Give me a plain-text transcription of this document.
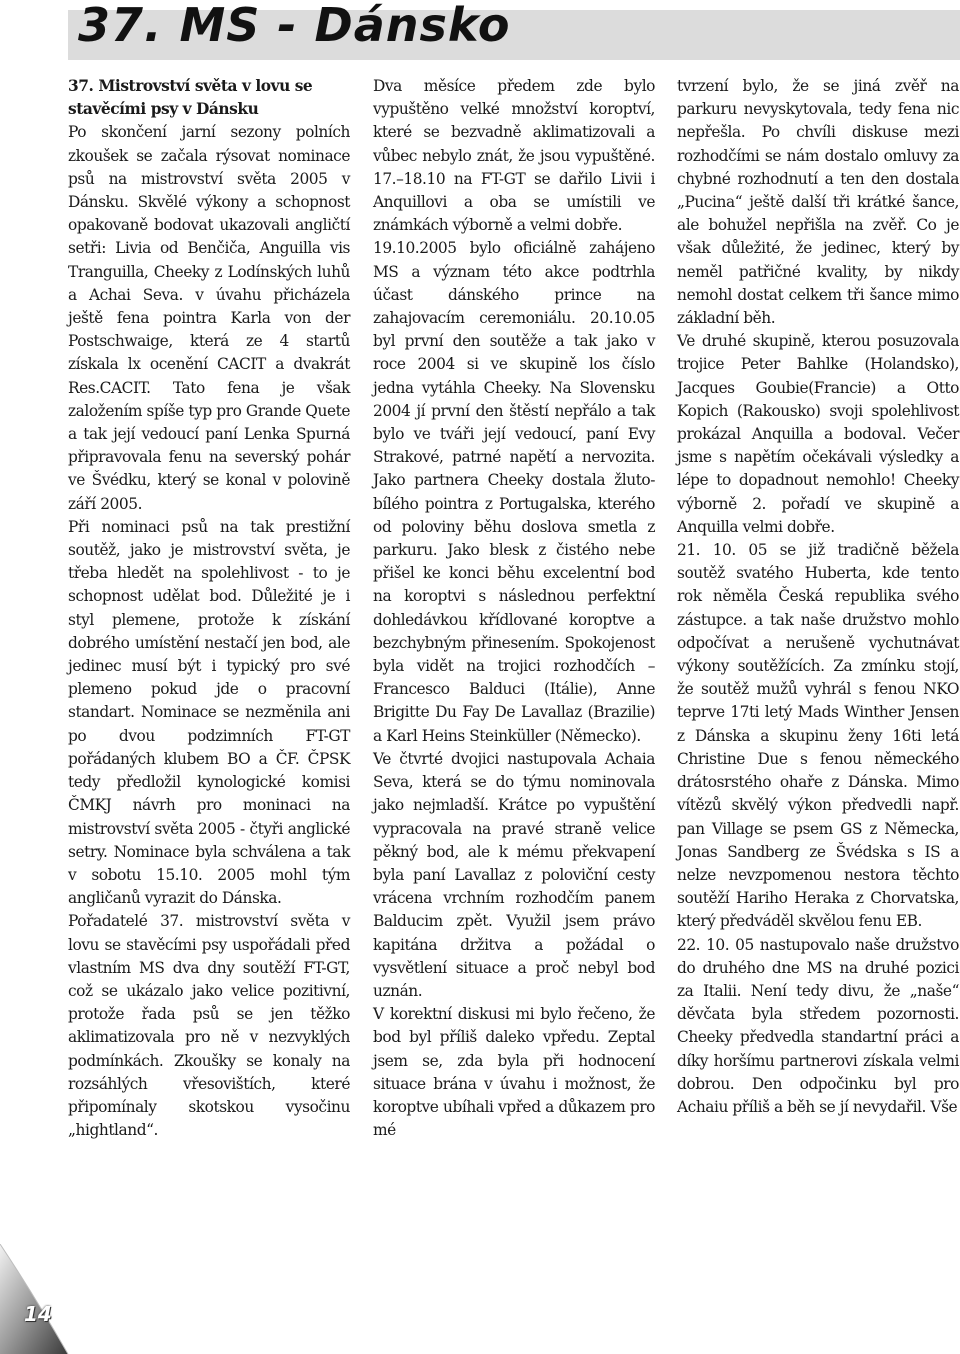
37. MS - Dánsko

37. Mistrovství světa v lovu se stavěcími psy v Dánsku

Po skončení jarní sezony polních zkoušek se začala rýsovat nominace psů na mistrovství světa 2005 v Dánsku. Skvělé výkony a schopnost opakovaně bodovat ukazovali angličtí setři: Livia od Benčiča, Anguilla vis Tranguilla, Cheeky z Lodínských luhů a Achai Seva. v úvahu přicházela ještě fena pointra Karla von der Postschwaige, která ze 4 startů získala lx ocenění CACIT a dvakrát Res.CACIT. Tato fena je však založením spíše typ pro Grande Quete a tak její vedoucí paní Lenka Spurná připravovala fenu na severský pohár ve Švédku, který se konal v polovině září 2005.

Při nominaci psů na tak prestižní soutěž, jako je mistrovství světa, je třeba hledět na spolehlivost - to je schopnost udělat bod. Důležité je i styl plemene, protože k získání dobrého umístění nestačí jen bod, ale jedinec musí být i typický pro své plemeno pokud jde o pracovní standart. Nominace se nezměnila ani po dvou podzimních FT-GT pořádaných klubem BO a ČF. ČPSK tedy předložil kynologické komisi ČMKJ návrh pro moninaci na mistrovství světa 2005 - čtyři anglické setry. Nominace byla schválena a tak v sobotu 15.10. 2005 mohl tým angličanů vyrazit do Dánska.

Pořadatelé 37. mistrovství světa v lovu se stavěcími psy uspořádali před vlastním MS dva dny soutěží FT-GT, což se ukázalo jako velice pozitivní, protože řada psů se jen těžko aklimatizovala pro ně v nezvyklých podmínkách. Zkoušky se konaly na rozsáhlých vřesovištích, které připomínaly skotskou vysočinu „hightland“.

Dva měsíce předem zde bylo vypuštěno velké množství koroptví, které se bezvadně aklimatizovali a vůbec nebylo znát, že jsou vypuštěné. 17.–18.10 na FT-GT se dařilo Livii i Anquillovi a oba se umístili ve známkách výborně a velmi dobře.

19.10.2005 bylo oficiálně zahájeno MS a význam této akce podtrhla účast dánského prince na zahajovacím ceremoniálu. 20.10.05 byl první den soutěže a tak jako v roce 2004 si ve skupině los číslo jedna vytáhla Cheeky. Na Slovensku 2004 jí první den štěstí nepřálo a tak bylo ve tváři její vedoucí, paní Evy Strakové, patrné napětí a nervozita. Jako partnera Cheeky dostala žluto-bílého pointra z Portugalska, kterého od poloviny běhu doslova smetla z parkuru. Jako blesk z čistého nebe přišel ke konci běhu excelentní bod na koroptvi s následnou perfektní dohledávkou křídlované koroptve a bezchybným přinesením. Spokojenost byla vidět na trojici rozhodčích – Francesco Balduci (Itálie), Anne Brigitte Du Fay De Lavallaz (Brazilie) a Karl Heins Steinküller (Německo).

Ve čtvrté dvojici nastupovala Achaia Seva, která se do týmu nominovala jako nejmladší. Krátce po vypuštění vypracovala na pravé straně velice pěkný bod, ale k mému překvapení byla paní Lavallaz z poloviční cesty vrácena vrchním rozhodčím panem Balducim zpět. Využil jsem právo kapitána držitva a požádal o vysvětlení situace a proč nebyl bod uznán.

V korektní diskusi mi bylo řečeno, že bod byl příliš daleko vpředu. Zeptal jsem se, zda byla při hodnocení situace brána v úvahu i možnost, že koroptve ubíhali vpřed a důkazem pro mé

tvrzení bylo, že se jiná zvěř na parkuru nevyskytovala, tedy fena nic nepřešla. Po chvíli diskuse mezi rozhodčími se nám dostalo omluvy za chybné rozhodnutí a ten den dostala „Pucina“ ještě další tři krátké šance, ale bohužel nepřišla na zvěř. Co je však důležité, že jedinec, který by neměl patřičné kvality, by nikdy nemohl dostat celkem tři šance mimo základní běh.

Ve druhé skupině, kterou posuzovala trojice Peter Bahlke (Holandsko), Jacques Goubie(Francie) a Otto Kopich (Rakousko) svoji spolehlivost prokázal Anquilla a bodoval. Večer jsme s napětím očekávali výsledky a lépe to dopadnout nemohlo! Cheeky výborně 2. pořadí ve skupině a Anquilla velmi dobře.

21. 10. 05 se již tradičně běžela soutěž svatého Huberta, kde tento rok něměla Česká republika svého zástupce. a tak naše družstvo mohlo odpočívat a nerušeně vychutnávat výkony soutěžících. Za zmínku stojí, že soutěž mužů vyhrál s fenou NKO teprve 17ti letý Mads Winther Jensen z Dánska a skupinu ženy 16ti letá Christine Due s fenou německého drátosrstého ohaře z Dánska. Mimo vítězů skvělý výkon předvedli např. pan Village se psem GS z Německa, Jonas Sandberg ze Švédska s IS a nelze nevzpomenou nestora těchto soutěží Hariho Heraka z Chorvatska, který předváděl skvělou fenu EB.

22. 10. 05 nastupovalo naše družstvo do druhého dne MS na druhé pozici za Italii. Není tedy divu, že „naše“ děvčata byla středem pozornosti. Cheeky předvedla standartní práci a díky horšímu partnerovi získala velmi dobrou. Den odpočinku byl pro Achaiu příliš a běh se jí nevydařil. Vše

14
